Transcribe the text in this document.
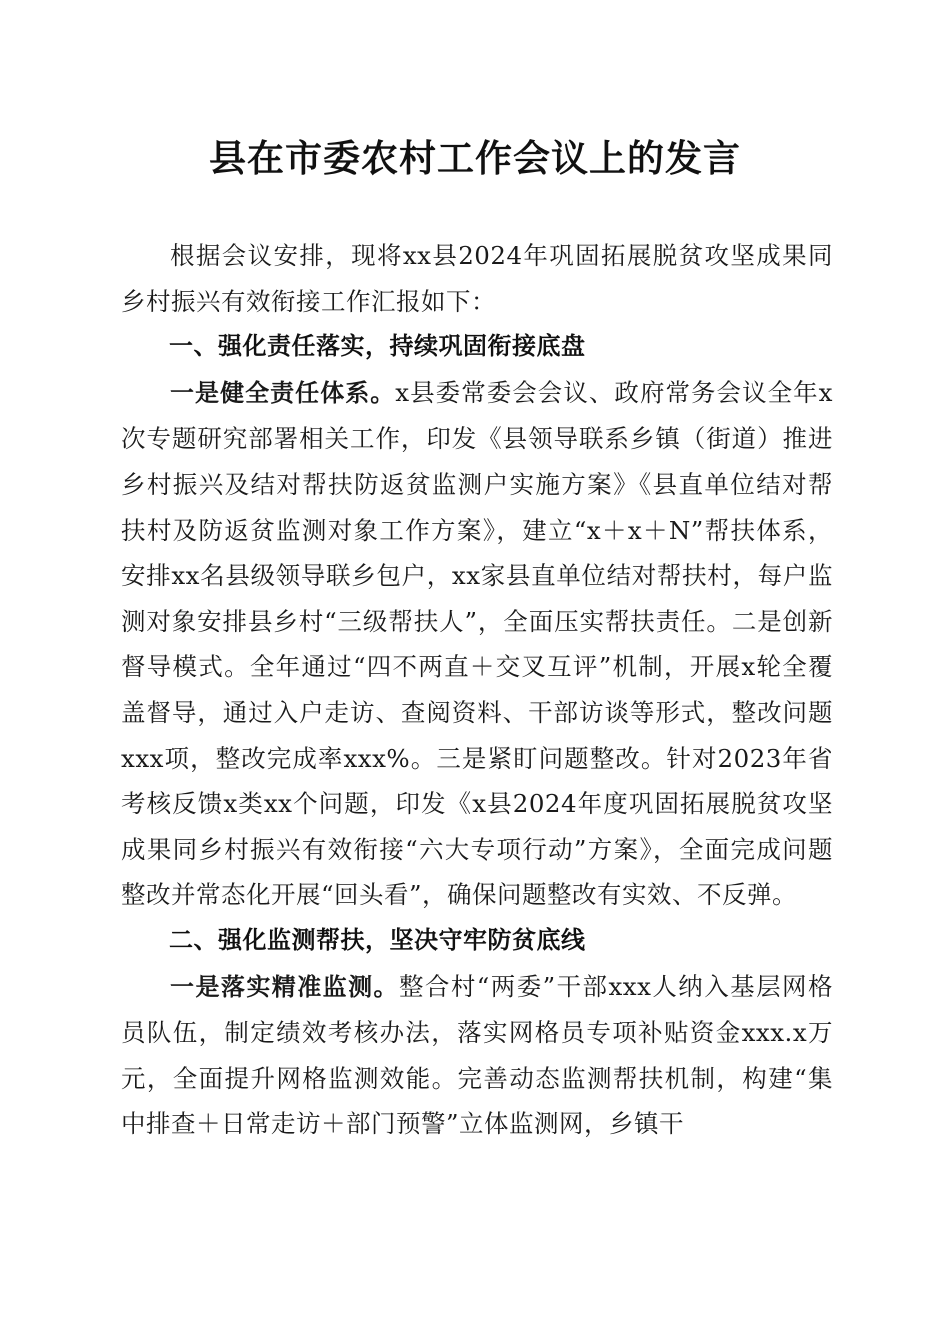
县在市委农村工作会议上的发言

根据会议安排，现将xx县2024年巩固拓展脱贫攻坚成果同乡村振兴有效衔接工作汇报如下：

一、强化责任落实，持续巩固衔接底盘

一是健全责任体系。x县委常委会会议、政府常务会议全年x次专题研究部署相关工作，印发《县领导联系乡镇（街道）推进乡村振兴及结对帮扶防返贫监测户实施方案》《县直单位结对帮扶村及防返贫监测对象工作方案》，建立“x＋x＋N”帮扶体系，安排xx名县级领导联乡包户，xx家县直单位结对帮扶村，每户监测对象安排县乡村“三级帮扶人”，全面压实帮扶责任。二是创新督导模式。全年通过“四不两直＋交叉互评”机制，开展x轮全覆盖督导，通过入户走访、查阅资料、干部访谈等形式，整改问题xxx项，整改完成率xxx%。三是紧盯问题整改。针对2023年省考核反馈x类xx个问题，印发《x县2024年度巩固拓展脱贫攻坚成果同乡村振兴有效衔接“六大专项行动”方案》，全面完成问题整改并常态化开展“回头看”，确保问题整改有实效、不反弹。

二、强化监测帮扶，坚决守牢防贫底线

一是落实精准监测。整合村“两委”干部xxx人纳入基层网格员队伍，制定绩效考核办法，落实网格员专项补贴资金xxx.x万元，全面提升网格监测效能。完善动态监测帮扶机制，构建“集中排查＋日常走访＋部门预警”立体监测网，乡镇干
